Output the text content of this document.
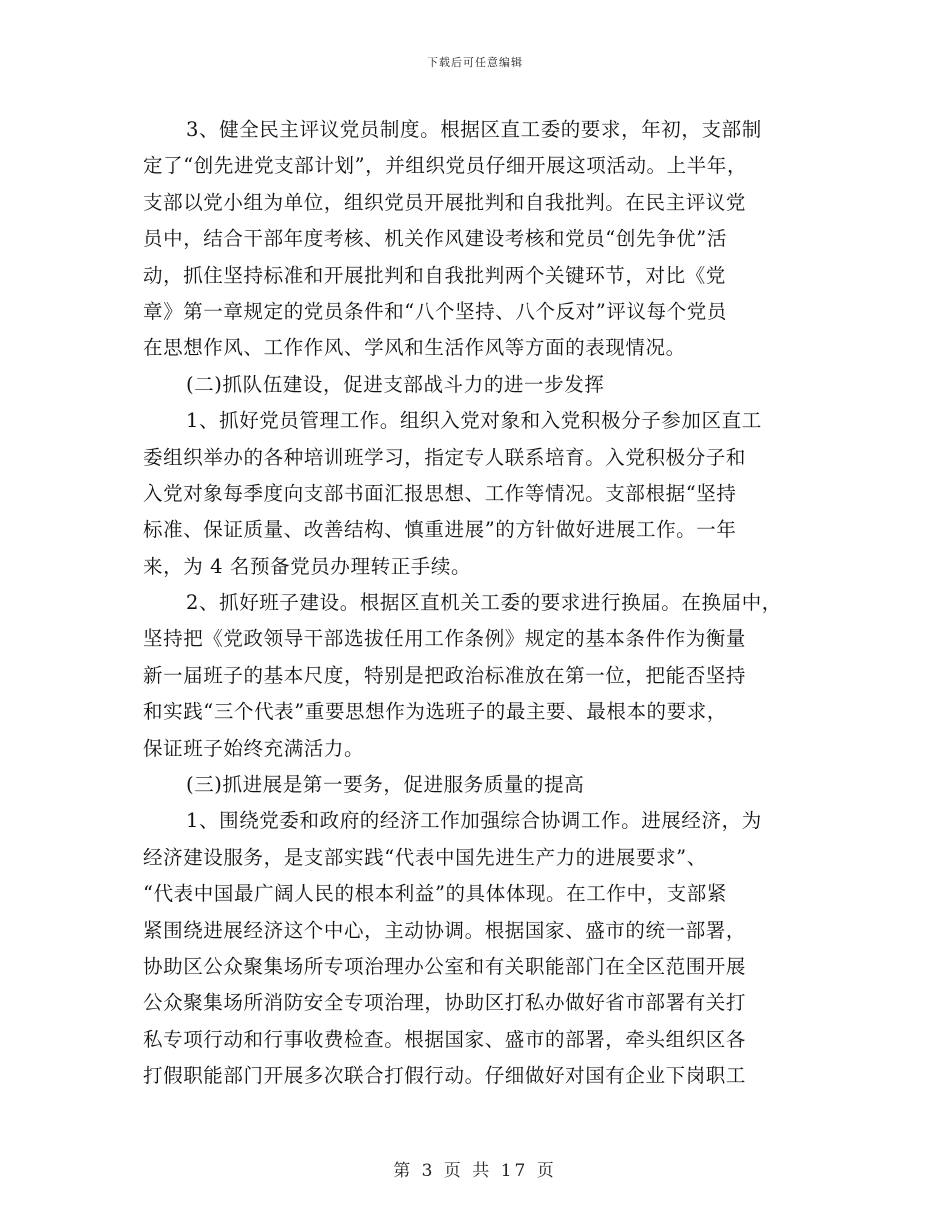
下载后可任意编辑
3、健全民主评议党员制度。根据区直工委的要求，年初，支部制
定了“创先进党支部计划”，并组织党员仔细开展这项活动。上半年，
支部以党小组为单位，组织党员开展批判和自我批判。在民主评议党
员中，结合干部年度考核、机关作风建设考核和党员“创先争优”活
动，抓住坚持标准和开展批判和自我批判两个关键环节，对比《党
章》第一章规定的党员条件和“八个坚持、八个反对”评议每个党员
在思想作风、工作作风、学风和生活作风等方面的表现情况。
(二)抓队伍建设，促进支部战斗力的进一步发挥
1、抓好党员管理工作。组织入党对象和入党积极分子参加区直工
委组织举办的各种培训班学习，指定专人联系培育。入党积极分子和
入党对象每季度向支部书面汇报思想、工作等情况。支部根据“坚持
标准、保证质量、改善结构、慎重进展”的方针做好进展工作。一年
来，为 4 名预备党员办理转正手续。
2、抓好班子建设。根据区直机关工委的要求进行换届。在换届中，
坚持把《党政领导干部选拔任用工作条例》规定的基本条件作为衡量
新一届班子的基本尺度，特别是把政治标准放在第一位，把能否坚持
和实践“三个代表”重要思想作为选班子的最主要、最根本的要求，
保证班子始终充满活力。
(三)抓进展是第一要务，促进服务质量的提高
1、围绕党委和政府的经济工作加强综合协调工作。进展经济，为
经济建设服务，是支部实践“代表中国先进生产力的进展要求”、
“代表中国最广阔人民的根本利益”的具体体现。在工作中，支部紧
紧围绕进展经济这个中心，主动协调。根据国家、盛市的统一部署，
协助区公众聚集场所专项治理办公室和有关职能部门在全区范围开展
公众聚集场所消防安全专项治理，协助区打私办做好省市部署有关打
私专项行动和行事收费检查。根据国家、盛市的部署，牵头组织区各
打假职能部门开展多次联合打假行动。仔细做好对国有企业下岗职工
第 3 页 共 17 页
